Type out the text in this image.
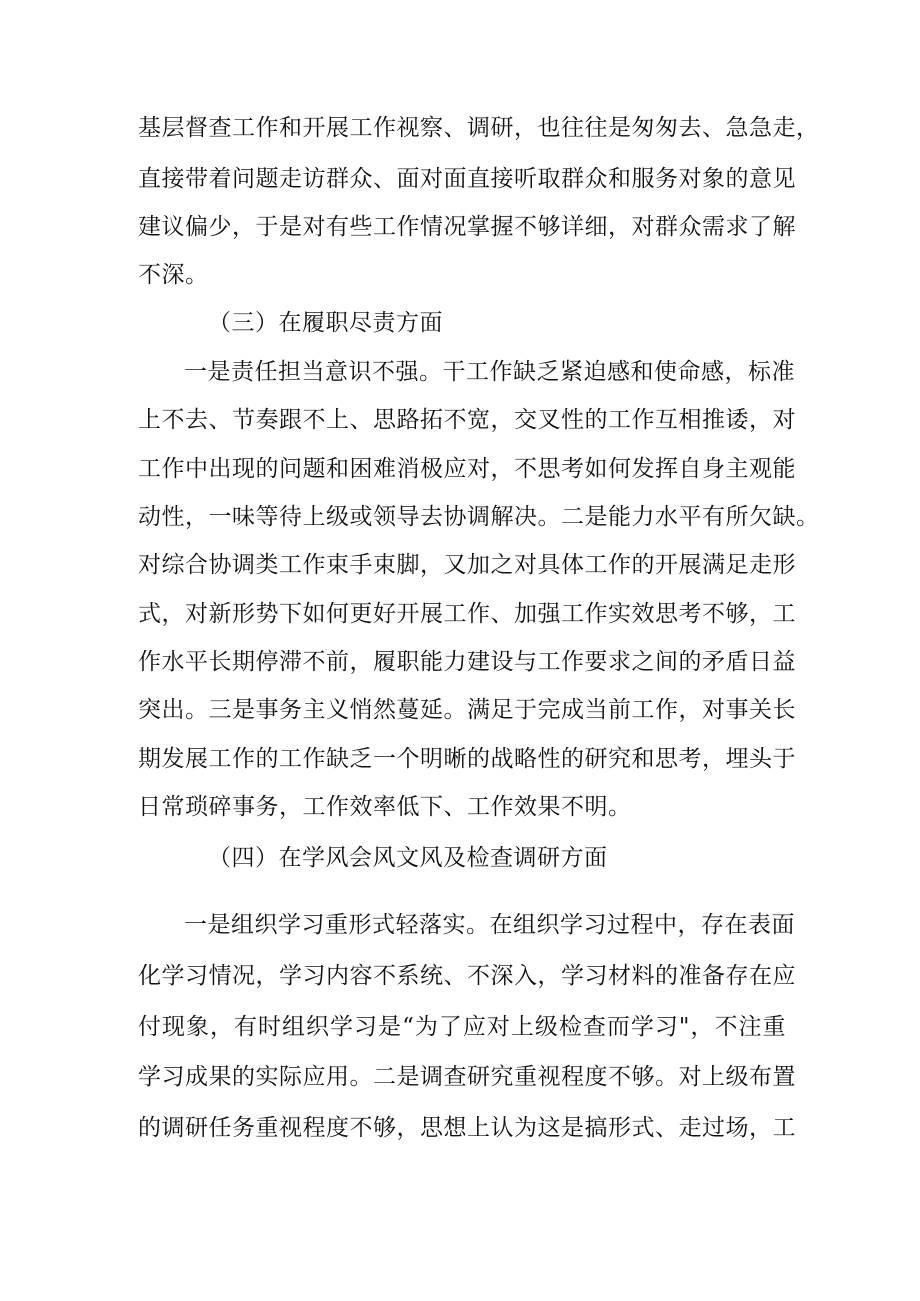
基层督查工作和开展工作视察、调研，也往往是匆匆去、急急走，
直接带着问题走访群众、面对面直接听取群众和服务对象的意见
建议偏少，于是对有些工作情况掌握不够详细，对群众需求了解
不深。
（三）在履职尽责方面
一是责任担当意识不强。干工作缺乏紧迫感和使命感，标准
上不去、节奏跟不上、思路拓不宽，交叉性的工作互相推诿，对
工作中出现的问题和困难消极应对，不思考如何发挥自身主观能
动性，一味等待上级或领导去协调解决。二是能力水平有所欠缺。
对综合协调类工作束手束脚，又加之对具体工作的开展满足走形
式，对新形势下如何更好开展工作、加强工作实效思考不够，工
作水平长期停滞不前，履职能力建设与工作要求之间的矛盾日益
突出。三是事务主义悄然蔓延。满足于完成当前工作，对事关长
期发展工作的工作缺乏一个明晰的战略性的研究和思考，埋头于
日常琐碎事务，工作效率低下、工作效果不明。
（四）在学风会风文风及检查调研方面
一是组织学习重形式轻落实。在组织学习过程中，存在表面
化学习情况，学习内容不系统、不深入，学习材料的准备存在应
付现象，有时组织学习是“为了应对上级检查而学习"，不注重
学习成果的实际应用。二是调查研究重视程度不够。对上级布置
的调研任务重视程度不够，思想上认为这是搞形式、走过场，工
